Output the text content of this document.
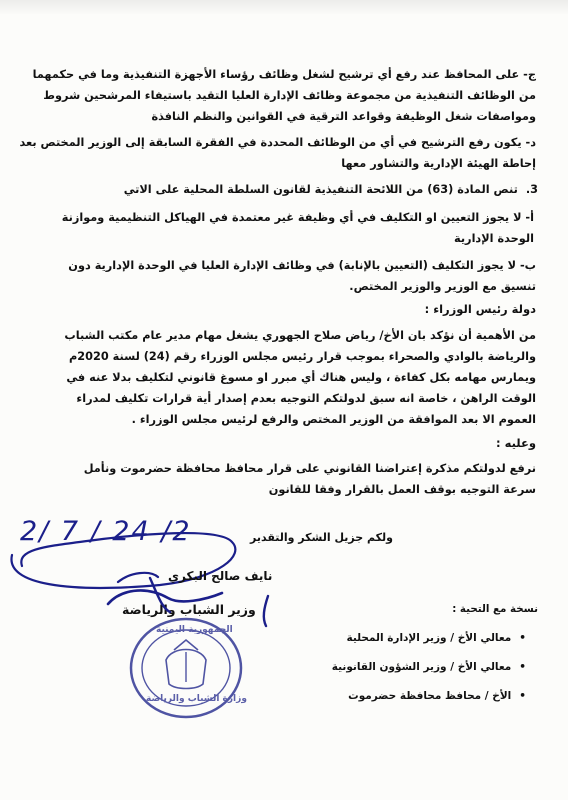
ج- على المحافظ عند رفع أي ترشيح لشغل وظائف رؤساء الأجهزة التنفيذية وما في حكمهما
من الوظائف التنفيذية من مجموعة وظائف الإدارة العليا التقيد باستيفاء المرشحين شروط
ومواصفات شغل الوظيفة وقواعد الترقية في القوانين والنظم النافذة
د- يكون رفع الترشيح في أي من الوظائف المحددة في الفقرة السابقة إلى الوزير المختص بعد
إحاطة الهيئة الإدارية والتشاور معها
3.تنص المادة (63) من اللائحة التنفيذية لقانون السلطة المحلية على الاتي
أ- لا يجوز التعيين او التكليف في أي وظيفة غير معتمدة في الهياكل التنظيمية وموازنة
الوحدة الإدارية
ب- لا يجوز التكليف (التعيين بالإنابة) في وظائف الإدارة العليا في الوحدة الإدارية دون
تنسيق مع الوزير والوزير المختص.
دولة رئيس الوزراء :
من الأهمية أن نؤكد بان الأخ/ رياض صلاح الجهوري يشغل مهام مدير عام مكتب الشباب
والرياضة بالوادي والصحراء بموجب قرار رئيس مجلس الوزراء رقم (24) لسنة 2020م
ويمارس مهامه بكل كفاءة ، وليس هناك أي مبرر او مسوغ قانوني لتكليف بدلا عنه في
الوقت الراهن ، خاصة انه سبق لدولتكم التوجيه بعدم إصدار أية قرارات تكليف لمدراء
العموم الا بعد الموافقة من الوزير المختص والرفع لرئيس مجلس الوزراء .
وعليه :
نرفع لدولتكم مذكرة إعتراضنا القانوني على قرار محافظ محافظة حضرموت ونأمل
سرعة التوجيه بوقف العمل بالقرار وفقا للقانون
ولكم جزيل الشكر والتقدير
2/ 7 / 24 /2
نايف صالح البكري
وزير الشباب والرياضة
الجمهورية اليمنية
وزارة الشباب والرياضة
نسخة مع التحية :
• معالي الأخ / وزير الإدارة المحلية
• معالي الأخ / وزير الشؤون القانونية
• الأخ / محافظ محافظة حضرموت
